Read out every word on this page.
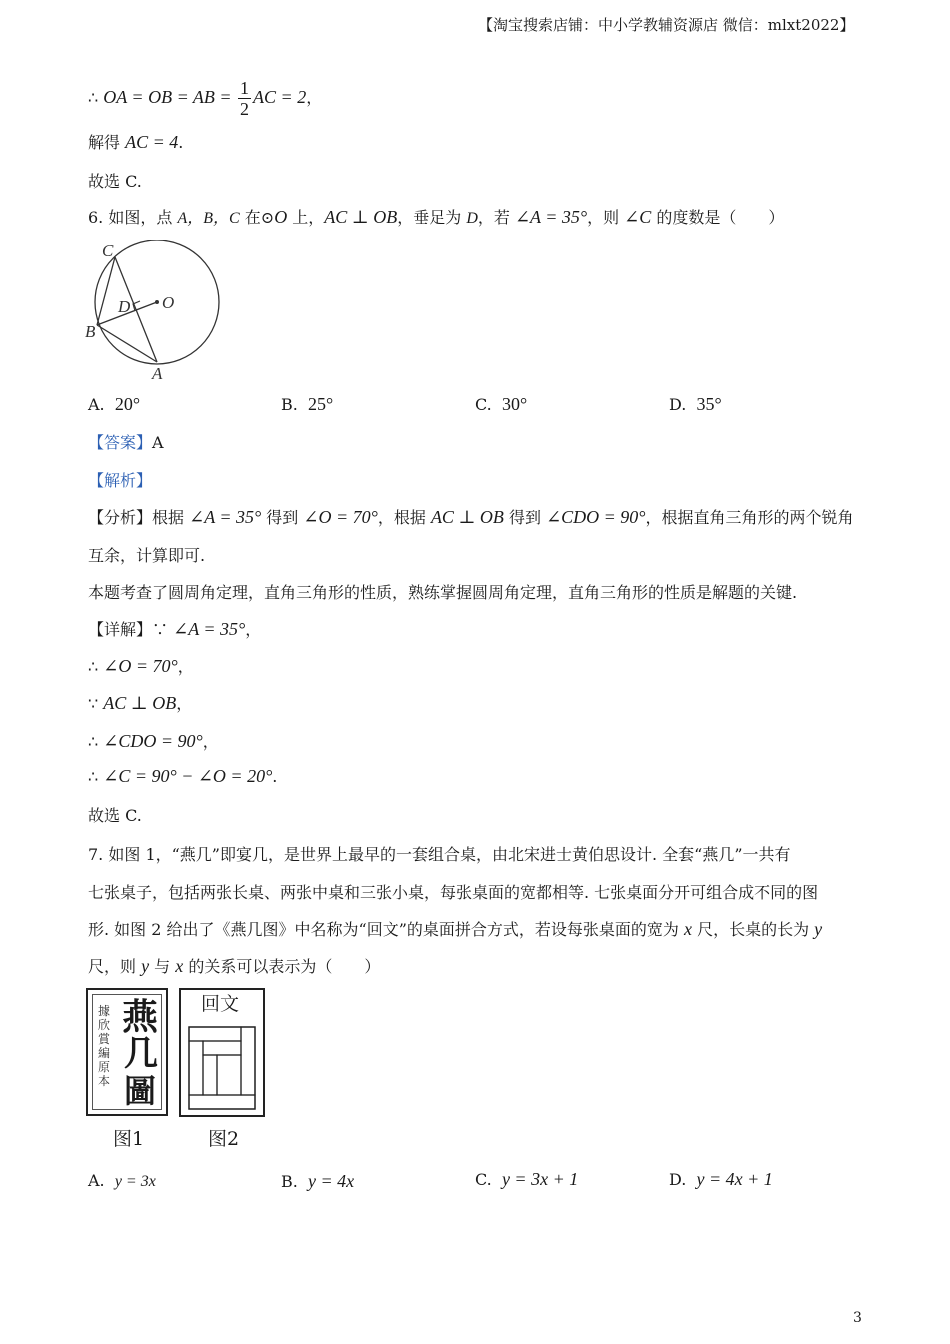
【淘宝搜索店铺：中小学教辅资源店 微信：mlxt2022】
∴ OA = OB = AB = $\frac{1}{2}$ AC = 2，
解得 AC = 4.
故选 C.
6. 如图，点 A，B，C 在⊙O 上，AC ⊥ OB，垂足为 D，若 ∠A = 35°，则 ∠C 的度数是（　　）
C
D O
B
A
A. 20°	B. 25°	C. 30°	D. 35°
【答案】A
【解析】
【分析】根据 ∠A = 35° 得到 ∠O = 70°，根据 AC ⊥ OB 得到 ∠CDO = 90°，根据直角三角形的两个锐角
互余，计算即可.
本题考查了圆周角定理，直角三角形的性质，熟练掌握圆周角定理，直角三角形的性质是解题的关键.
【详解】∵ ∠A = 35°，
∴ ∠O = 70°，
∵ AC ⊥ OB，
∴ ∠CDO = 90°，
∴ ∠C = 90° − ∠O = 20°.
故选 C.
7. 如图 1，“燕几”即宴几，是世界上最早的一套组合桌，由北宋进士黄伯思设计. 全套“燕几”一共有
七张桌子，包括两张长桌、两张中桌和三张小桌，每张桌面的宽都相等. 七张桌面分开可组合成不同的图
形. 如图 2 给出了《燕几图》中名称为“回文”的桌面拼合方式，若设每张桌面的宽为 x 尺，长桌的长为 y
尺，则 y 与 x 的关系可以表示为（　　）
據欣賞編原本
燕
几
圖
回文
图1	图2
A. y = 3x	B. y = 4x	C. y = 3x + 1	D. y = 4x + 1
3
